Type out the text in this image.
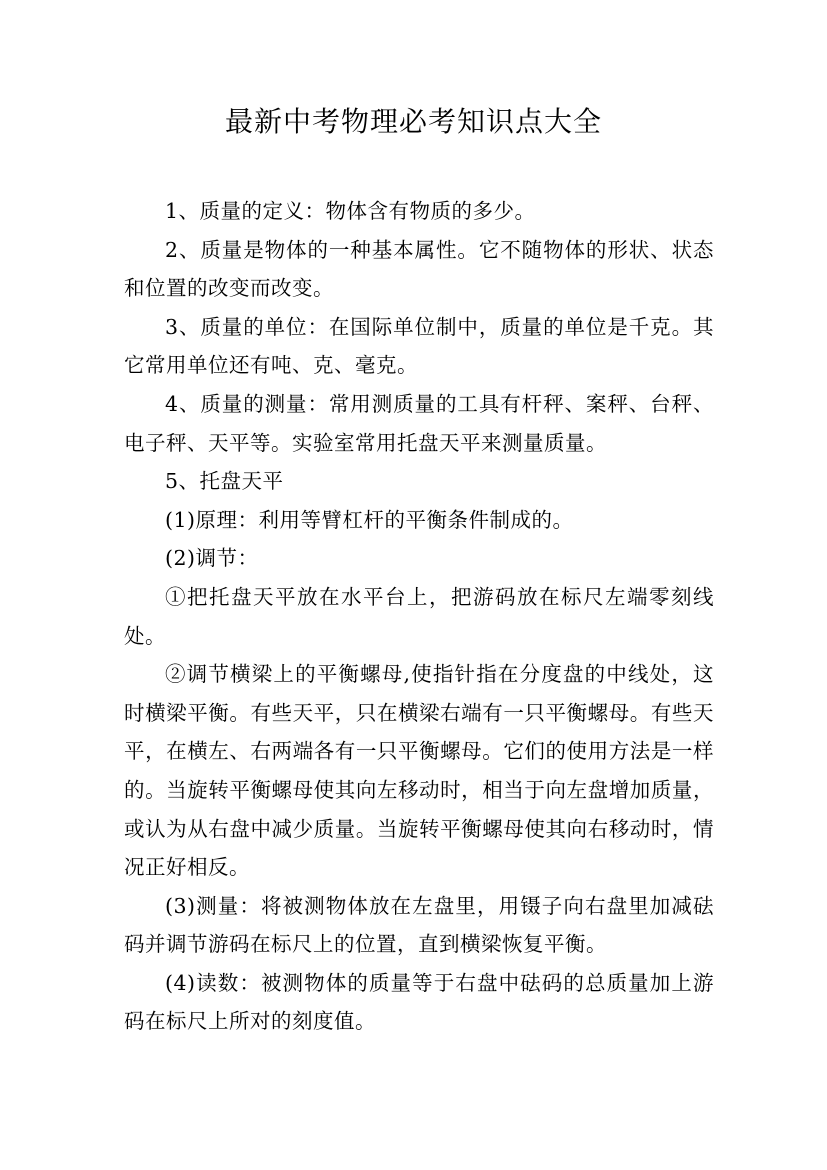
最新中考物理必考知识点大全

1、质量的定义：物体含有物质的多少。

2、质量是物体的一种基本属性。它不随物体的形状、状态和位置的改变而改变。

3、质量的单位：在国际单位制中，质量的单位是千克。其它常用单位还有吨、克、毫克。

4、质量的测量：常用测质量的工具有杆秤、案秤、台秤、电子秤、天平等。实验室常用托盘天平来测量质量。

5、托盘天平

(1)原理：利用等臂杠杆的平衡条件制成的。

(2)调节：

①把托盘天平放在水平台上，把游码放在标尺左端零刻线处。

②调节横梁上的平衡螺母,使指针指在分度盘的中线处，这时横梁平衡。有些天平，只在横梁右端有一只平衡螺母。有些天平，在横左、右两端各有一只平衡螺母。它们的使用方法是一样的。当旋转平衡螺母使其向左移动时，相当于向左盘增加质量，或认为从右盘中减少质量。当旋转平衡螺母使其向右移动时，情况正好相反。

(3)测量：将被测物体放在左盘里，用镊子向右盘里加减砝码并调节游码在标尺上的位置，直到横梁恢复平衡。

(4)读数：被测物体的质量等于右盘中砝码的总质量加上游码在标尺上所对的刻度值。
